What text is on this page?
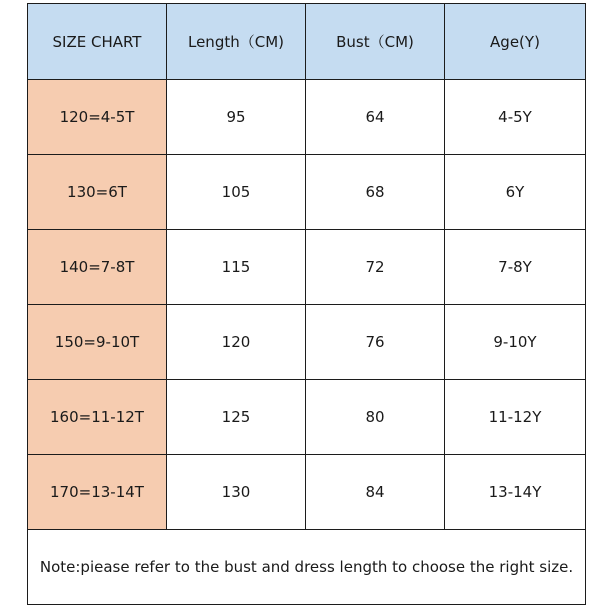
SIZE CHART	Length（CM)	Bust（CM)	Age(Y)
120=4-5T	95	64	4-5Y
130=6T	105	68	6Y
140=7-8T	115	72	7-8Y
150=9-10T	120	76	9-10Y
160=11-12T	125	80	11-12Y
170=13-14T	130	84	13-14Y
Note:piease refer to the bust and dress length to choose the right size.			
